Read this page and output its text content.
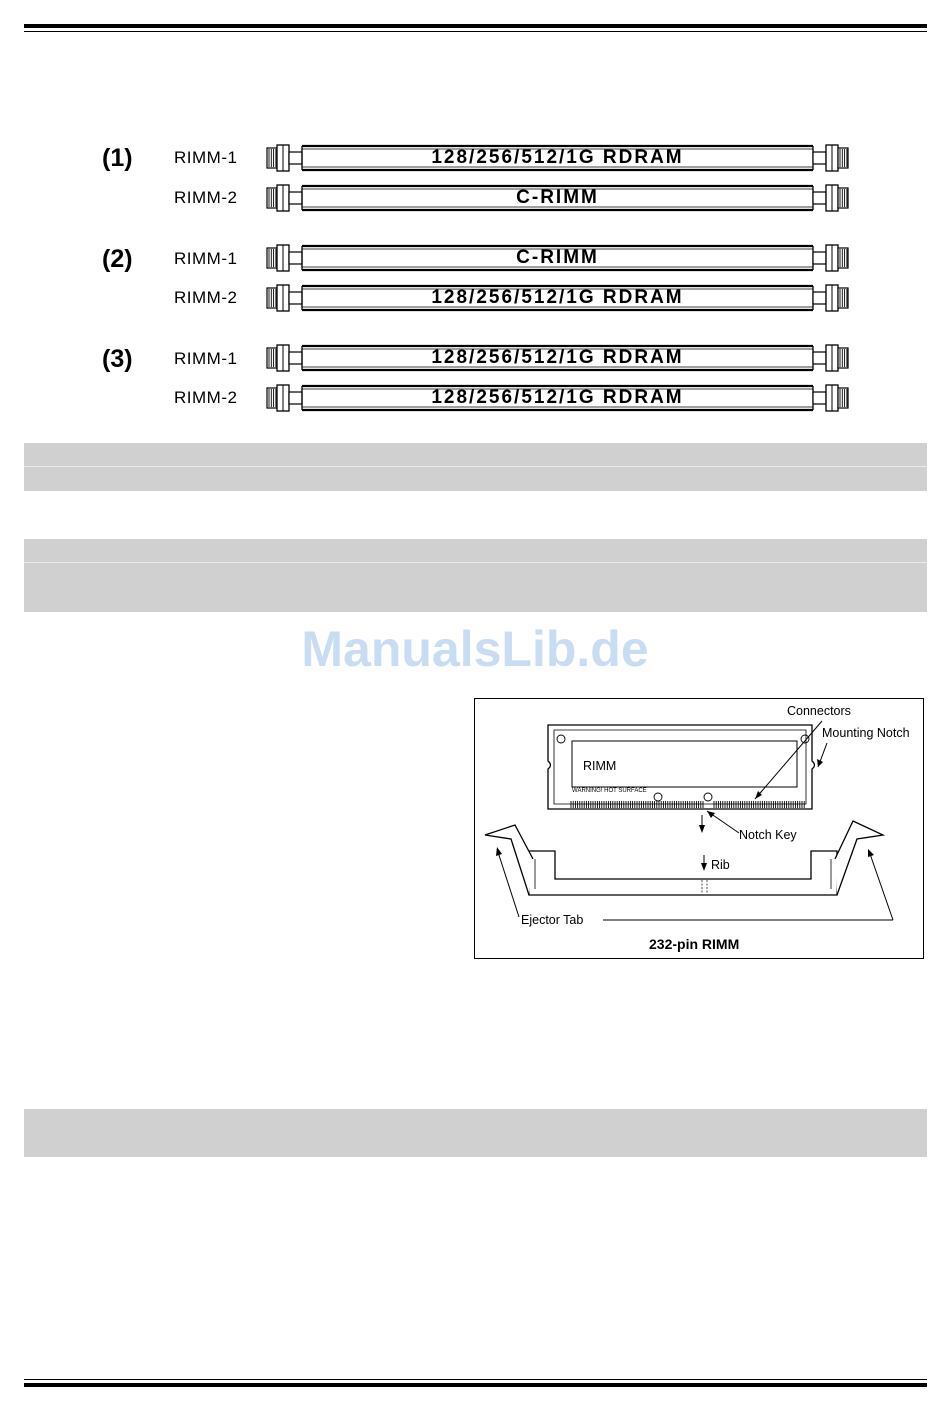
(1) RIMM-1	128/256/512/1G RDRAM
RIMM-2	C-RIMM
(2) RIMM-1	C-RIMM
RIMM-2	128/256/512/1G RDRAM
(3) RIMM-1	128/256/512/1G RDRAM
RIMM-2	128/256/512/1G RDRAM
ManualsLib.de
Connectors
Mounting Notch
RIMM
WARNING! HOT SURFACE
Notch Key
Rib
Ejector Tab
232-pin RIMM
